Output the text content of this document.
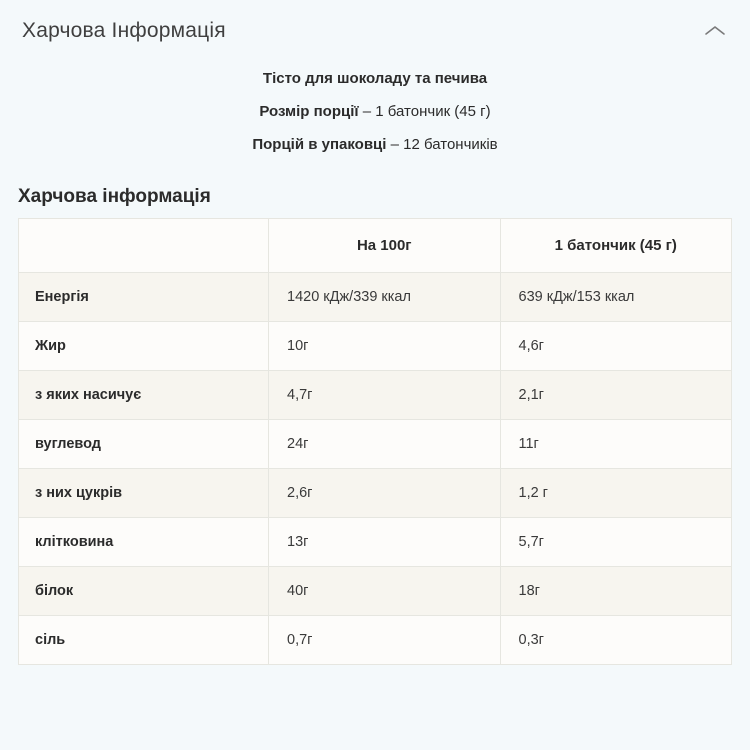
Харчова Інформація

Тісто для шоколаду та печива

Розмір порції – 1 батончик (45 г)

Порцій в упаковці – 12 батончиків

Харчова інформація
	На 100г	1 батончик (45 г)
Енергія	1420 кДж/339 ккал	639 кДж/153 ккал
Жир	10г	4,6г
з яких насичує	4,7г	2,1г
вуглевод	24г	11г
з них цукрів	2,6г	1,2 г
клітковина	13г	5,7г
білок	40г	18г
сіль	0,7г	0,3г
